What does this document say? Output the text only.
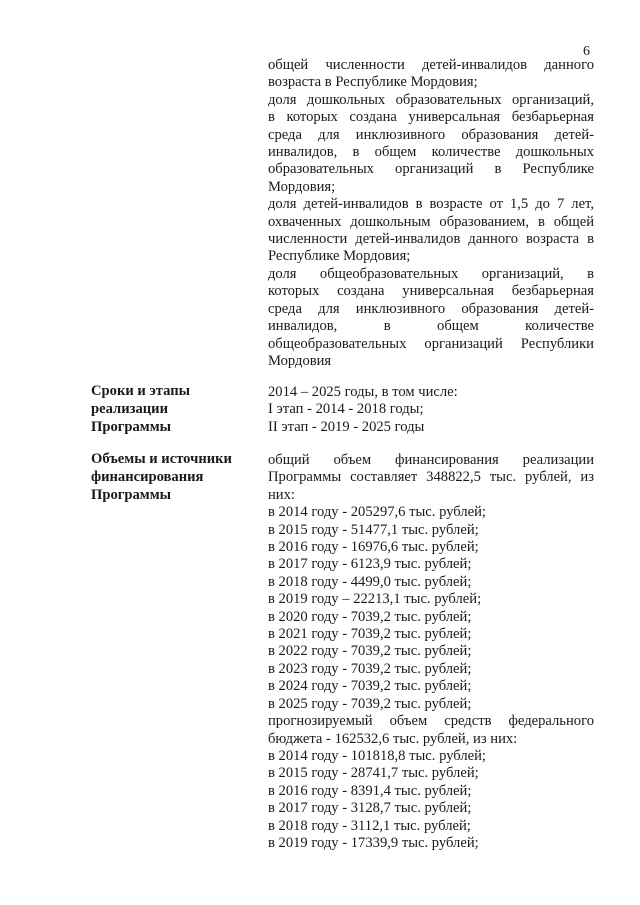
6
общей численности детей-инвалидов данного
возраста в Республике Мордовия;
доля дошкольных образовательных организаций,
в которых создана универсальная безбарьерная
среда для инклюзивного образования детей-
инвалидов, в общем количестве дошкольных
образовательных организаций в Республике
Мордовия;
доля детей-инвалидов в возрасте от 1,5 до 7 лет,
охваченных дошкольным образованием, в общей
численности детей-инвалидов данного возраста в
Республике Мордовия;
доля общеобразовательных организаций, в
которых создана универсальная безбарьерная
среда для инклюзивного образования детей-
инвалидов, в общем количестве
общеобразовательных организаций Республики
Мордовия
Сроки и этапы
реализации
Программы
2014 – 2025 годы, в том числе:
I этап - 2014 - 2018 годы;
II этап - 2019 - 2025 годы
Объемы и источники
финансирования
Программы
общий объем финансирования реализации
Программы составляет 348822,5 тыс. рублей, из
них:
в 2014 году - 205297,6 тыс. рублей;
в 2015 году - 51477,1 тыс. рублей;
в 2016 году - 16976,6 тыс. рублей;
в 2017 году - 6123,9 тыс. рублей;
в 2018 году - 4499,0 тыс. рублей;
в 2019 году – 22213,1 тыс. рублей;
в 2020 году - 7039,2 тыс. рублей;
в 2021 году - 7039,2 тыс. рублей;
в 2022 году - 7039,2 тыс. рублей;
в 2023 году - 7039,2 тыс. рублей;
в 2024 году - 7039,2 тыс. рублей;
в 2025 году - 7039,2 тыс. рублей;
прогнозируемый объем средств федерального
бюджета - 162532,6 тыс. рублей, из них:
в 2014 году - 101818,8 тыс. рублей;
в 2015 году - 28741,7 тыс. рублей;
в 2016 году - 8391,4 тыс. рублей;
в 2017 году - 3128,7 тыс. рублей;
в 2018 году - 3112,1 тыс. рублей;
в 2019 году - 17339,9 тыс. рублей;
